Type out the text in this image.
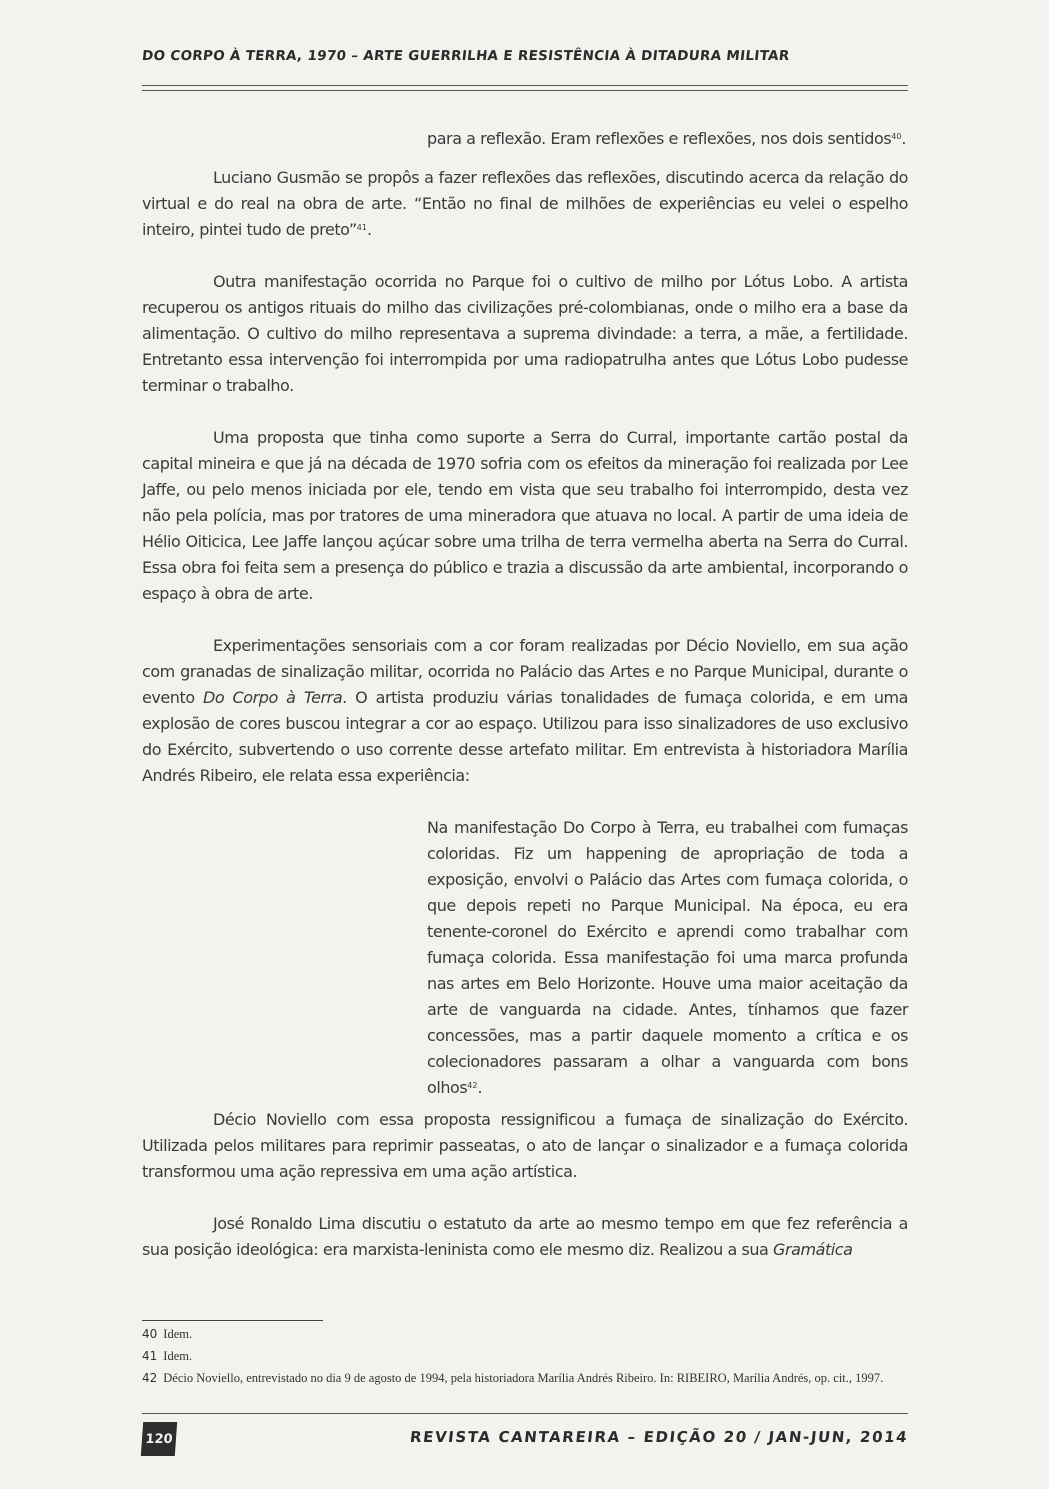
DO CORPO À TERRA, 1970 – ARTE GUERRILHA E RESISTÊNCIA À DITADURA MILITAR

para a reflexão. Eram reflexões e reflexões, nos dois sentidos$^{40}$.

Luciano Gusmão se propôs a fazer reflexões das reflexões, discutindo acerca da relação do virtual e do real na obra de arte. “Então no final de milhões de experiências eu velei o espelho inteiro, pintei tudo de preto”$^{41}$.

Outra manifestação ocorrida no Parque foi o cultivo de milho por Lótus Lobo. A artista recuperou os antigos rituais do milho das civilizações pré-colombianas, onde o milho era a base da alimentação. O cultivo do milho representava a suprema divindade: a terra, a mãe, a fertilidade. Entretanto essa intervenção foi interrompida por uma radiopatrulha antes que Lótus Lobo pudesse terminar o trabalho.

Uma proposta que tinha como suporte a Serra do Curral, importante cartão postal da capital mineira e que já na década de 1970 sofria com os efeitos da mineração foi realizada por Lee Jaffe, ou pelo menos iniciada por ele, tendo em vista que seu trabalho foi interrompido, desta vez não pela polícia, mas por tratores de uma mineradora que atuava no local. A partir de uma ideia de Hélio Oiticica, Lee Jaffe lançou açúcar sobre uma trilha de terra vermelha aberta na Serra do Curral. Essa obra foi feita sem a presença do público e trazia a discussão da arte ambiental, incorporando o espaço à obra de arte.

Experimentações sensoriais com a cor foram realizadas por Décio Noviello, em sua ação com granadas de sinalização militar, ocorrida no Palácio das Artes e no Parque Municipal, durante o evento Do Corpo à Terra. O artista produziu várias tonalidades de fumaça colorida, e em uma explosão de cores buscou integrar a cor ao espaço. Utilizou para isso sinalizadores de uso exclusivo do Exército, subvertendo o uso corrente desse artefato militar. Em entrevista à historiadora Marília Andrés Ribeiro, ele relata essa experiência:

Na manifestação Do Corpo à Terra, eu trabalhei com fumaças coloridas. Fiz um happening de apropriação de toda a exposição, envolvi o Palácio das Artes com fumaça colorida, o que depois repeti no Parque Municipal. Na época, eu era tenente-coronel do Exército e aprendi como trabalhar com fumaça colorida. Essa manifestação foi uma marca profunda nas artes em Belo Horizonte. Houve uma maior aceitação da arte de vanguarda na cidade. Antes, tínhamos que fazer concessões, mas a partir daquele momento a crítica e os colecionadores passaram a olhar a vanguarda com bons olhos$^{42}$.

Décio Noviello com essa proposta ressignificou a fumaça de sinalização do Exército. Utilizada pelos militares para reprimir passeatas, o ato de lançar o sinalizador e a fumaça colorida transformou uma ação repressiva em uma ação artística.

José Ronaldo Lima discutiu o estatuto da arte ao mesmo tempo em que fez referência a sua posição ideológica: era marxista-leninista como ele mesmo diz. Realizou a sua Gramática

40 Idem.

41 Idem.

42 Décio Noviello, entrevistado no dia 9 de agosto de 1994, pela historiadora Marília Andrés Ribeiro. In: RIBEIRO, Marília Andrés, op. cit., 1997.

120	REVISTA CANTAREIRA – EDIÇÃO 20 / JAN-JUN, 2014
